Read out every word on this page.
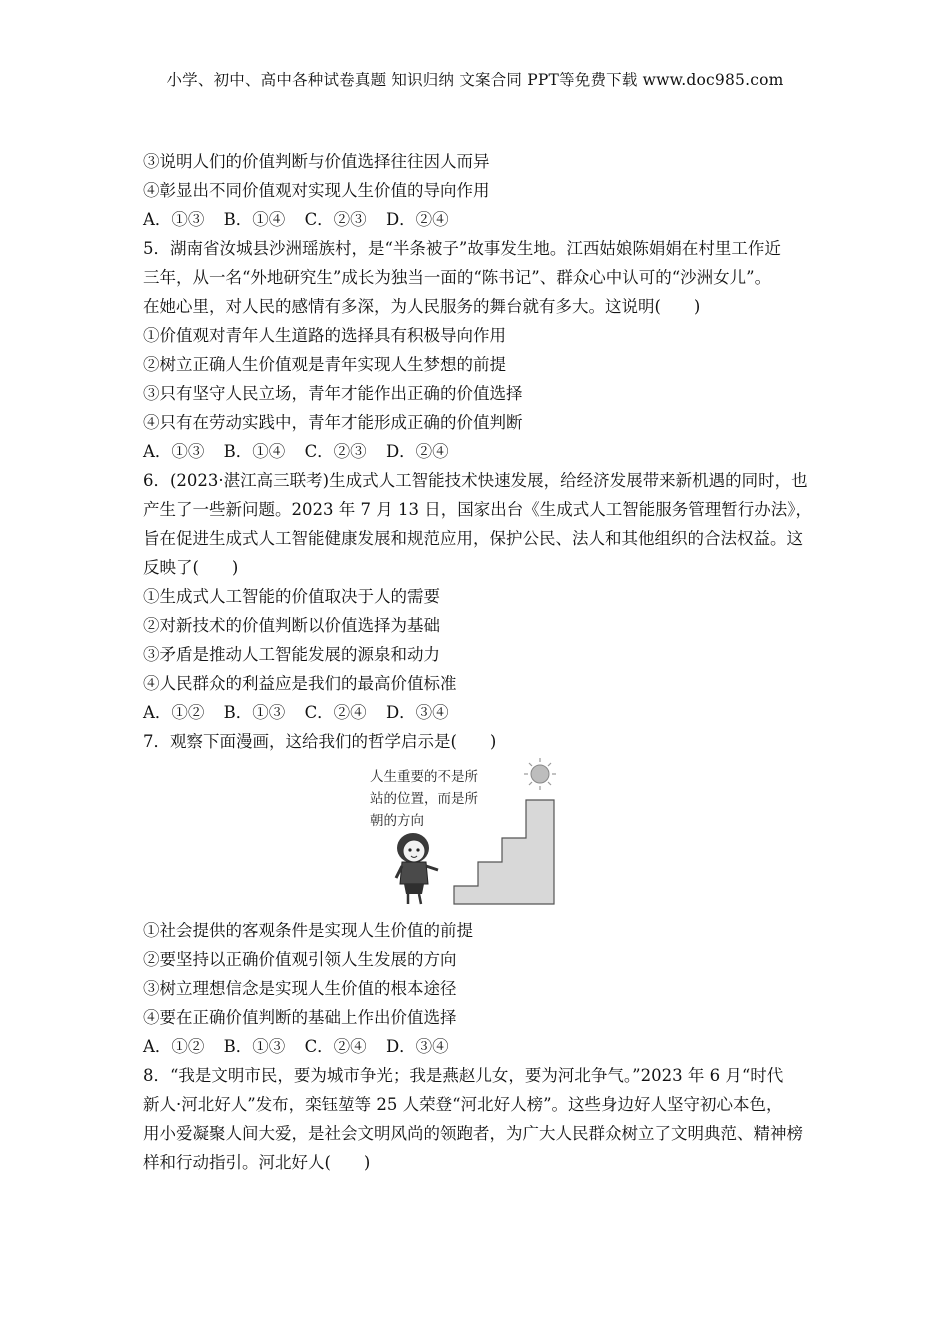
小学、初中、高中各种试卷真题 知识归纳 文案合同 PPT等免费下载 www.doc985.com
③说明人们的价值判断与价值选择往往因人而异
④彰显出不同价值观对实现人生价值的导向作用
A．①③ B．①④ C．②③ D．②④
5．湖南省汝城县沙洲瑶族村，是“半条被子”故事发生地。江西姑娘陈娟娟在村里工作近
三年，从一名“外地研究生”成长为独当一面的“陈书记”、群众心中认可的“沙洲女儿”。
在她心里，对人民的感情有多深，为人民服务的舞台就有多大。这说明(　　)
①价值观对青年人生道路的选择具有积极导向作用
②树立正确人生价值观是青年实现人生梦想的前提
③只有坚守人民立场，青年才能作出正确的价值选择
④只有在劳动实践中，青年才能形成正确的价值判断
A．①③ B．①④ C．②③ D．②④
6．(2023·湛江高三联考)生成式人工智能技术快速发展，给经济发展带来新机遇的同时，也
产生了一些新问题。2023 年 7 月 13 日，国家出台《生成式人工智能服务管理暂行办法》，
旨在促进生成式人工智能健康发展和规范应用，保护公民、法人和其他组织的合法权益。这
反映了(　　)
①生成式人工智能的价值取决于人的需要
②对新技术的价值判断以价值选择为基础
③矛盾是推动人工智能发展的源泉和动力
④人民群众的利益应是我们的最高价值标准
A．①② B．①③ C．②④ D．③④
7．观察下面漫画，这给我们的哲学启示是(　　)
人生重要的不是所
站的位置，而是所
朝的方向
①社会提供的客观条件是实现人生价值的前提
②要坚持以正确价值观引领人生发展的方向
③树立理想信念是实现人生价值的根本途径
④要在正确价值判断的基础上作出价值选择
A．①② B．①③ C．②④ D．③④
8．“我是文明市民，要为城市争光；我是燕赵儿女，要为河北争气。”2023 年 6 月“时代
新人·河北好人”发布，栾钰堃等 25 人荣登“河北好人榜”。这些身边好人坚守初心本色，
用小爱凝聚人间大爱，是社会文明风尚的领跑者，为广大人民群众树立了文明典范、精神榜
样和行动指引。河北好人(　　)
